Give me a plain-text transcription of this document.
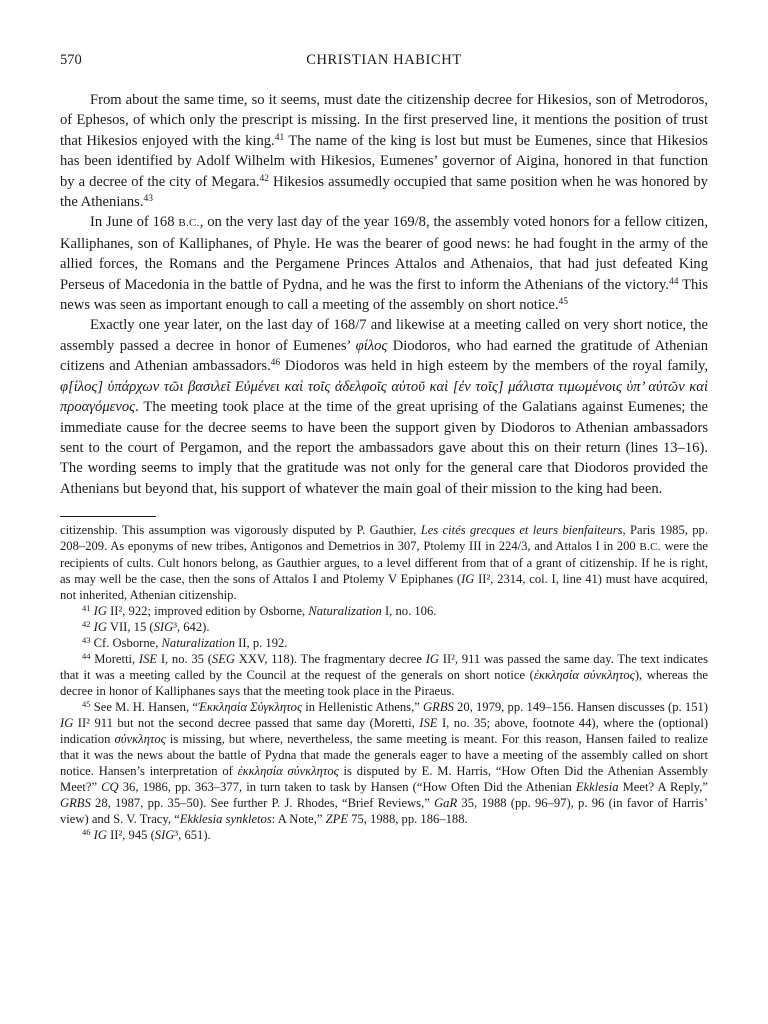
570	CHRISTIAN HABICHT

From about the same time, so it seems, must date the citizenship decree for Hikesios, son of Metrodoros, of Ephesos, of which only the prescript is missing. In the first preserved line, it mentions the position of trust that Hikesios enjoyed with the king.$^{41}$ The name of the king is lost but must be Eumenes, since that Hikesios has been identified by Adolf Wilhelm with Hikesios, Eumenes’ governor of Aigina, honored in that function by a decree of the city of Megara.$^{42}$ Hikesios assumedly occupied that same position when he was honored by the Athenians.$^{43}$

In June of 168 B.C., on the very last day of the year 169/8, the assembly voted honors for a fellow citizen, Kalliphanes, son of Kalliphanes, of Phyle. He was the bearer of good news: he had fought in the army of the allied forces, the Romans and the Pergamene Princes Attalos and Athenaios, that had just defeated King Perseus of Macedonia in the battle of Pydna, and he was the first to inform the Athenians of the victory.$^{44}$ This news was seen as important enough to call a meeting of the assembly on short notice.$^{45}$

Exactly one year later, on the last day of 168/7 and likewise at a meeting called on very short notice, the assembly passed a decree in honor of Eumenes’ φίλος Diodoros, who had earned the gratitude of Athenian citizens and Athenian ambassadors.$^{46}$ Diodoros was held in high esteem by the members of the royal family, φ[ίλος] ὑπάρχων τῶι βασιλεῖ Εὐμένει καὶ τοῖς ἀδελφοῖς αὐτοῦ καὶ [ἐν τοῖς] μάλιστα τιμωμένοις ὑπ’ αὐτῶν καὶ προαγόμενος. The meeting took place at the time of the great uprising of the Galatians against Eumenes; the immediate cause for the decree seems to have been the support given by Diodoros to Athenian ambassadors sent to the court of Pergamon, and the report the ambassadors gave about this on their return (lines 13–16). The wording seems to imply that the gratitude was not only for the general care that Diodoros provided the Athenians but beyond that, his support of whatever the main goal of their mission to the king had been.

citizenship. This assumption was vigorously disputed by P. Gauthier, Les cités grecques et leurs bienfaiteurs, Paris 1985, pp. 208–209. As eponyms of new tribes, Antigonos and Demetrios in 307, Ptolemy III in 224/3, and Attalos I in 200 B.C. were the recipients of cults. Cult honors belong, as Gauthier argues, to a level different from that of a grant of citizenship. If he is right, as may well be the case, then the sons of Attalos I and Ptolemy V Epiphanes (IG II², 2314, col. I, line 41) must have acquired, not inherited, Athenian citizenship.

$^{41}$ IG II², 922; improved edition by Osborne, Naturalization I, no. 106.

$^{42}$ IG VII, 15 (SIG³, 642).

$^{43}$ Cf. Osborne, Naturalization II, p. 192.

$^{44}$ Moretti, ISE I, no. 35 (SEG XXV, 118). The fragmentary decree IG II², 911 was passed the same day. The text indicates that it was a meeting called by the Council at the request of the generals on short notice (ἐκκλησία σύνκλητος), whereas the decree in honor of Kalliphanes says that the meeting took place in the Piraeus.

$^{45}$ See M. H. Hansen, “Ἐκκλησία Σύγκλητος in Hellenistic Athens,” GRBS 20, 1979, pp. 149–156. Hansen discusses (p. 151) IG II² 911 but not the second decree passed that same day (Moretti, ISE I, no. 35; above, footnote 44), where the (optional) indication σύνκλητος is missing, but where, nevertheless, the same meeting is meant. For this reason, Hansen failed to realize that it was the news about the battle of Pydna that made the generals eager to have a meeting of the assembly called on short notice. Hansen’s interpretation of ἐκκλησία σύνκλητος is disputed by E. M. Harris, “How Often Did the Athenian Assembly Meet?” CQ 36, 1986, pp. 363–377, in turn taken to task by Hansen (“How Often Did the Athenian Ekklesia Meet? A Reply,” GRBS 28, 1987, pp. 35–50). See further P. J. Rhodes, “Brief Reviews,” GaR 35, 1988 (pp. 96–97), p. 96 (in favor of Harris’ view) and S. V. Tracy, “Ekklesia synkletos: A Note,” ZPE 75, 1988, pp. 186–188.

$^{46}$ IG II², 945 (SIG³, 651).
